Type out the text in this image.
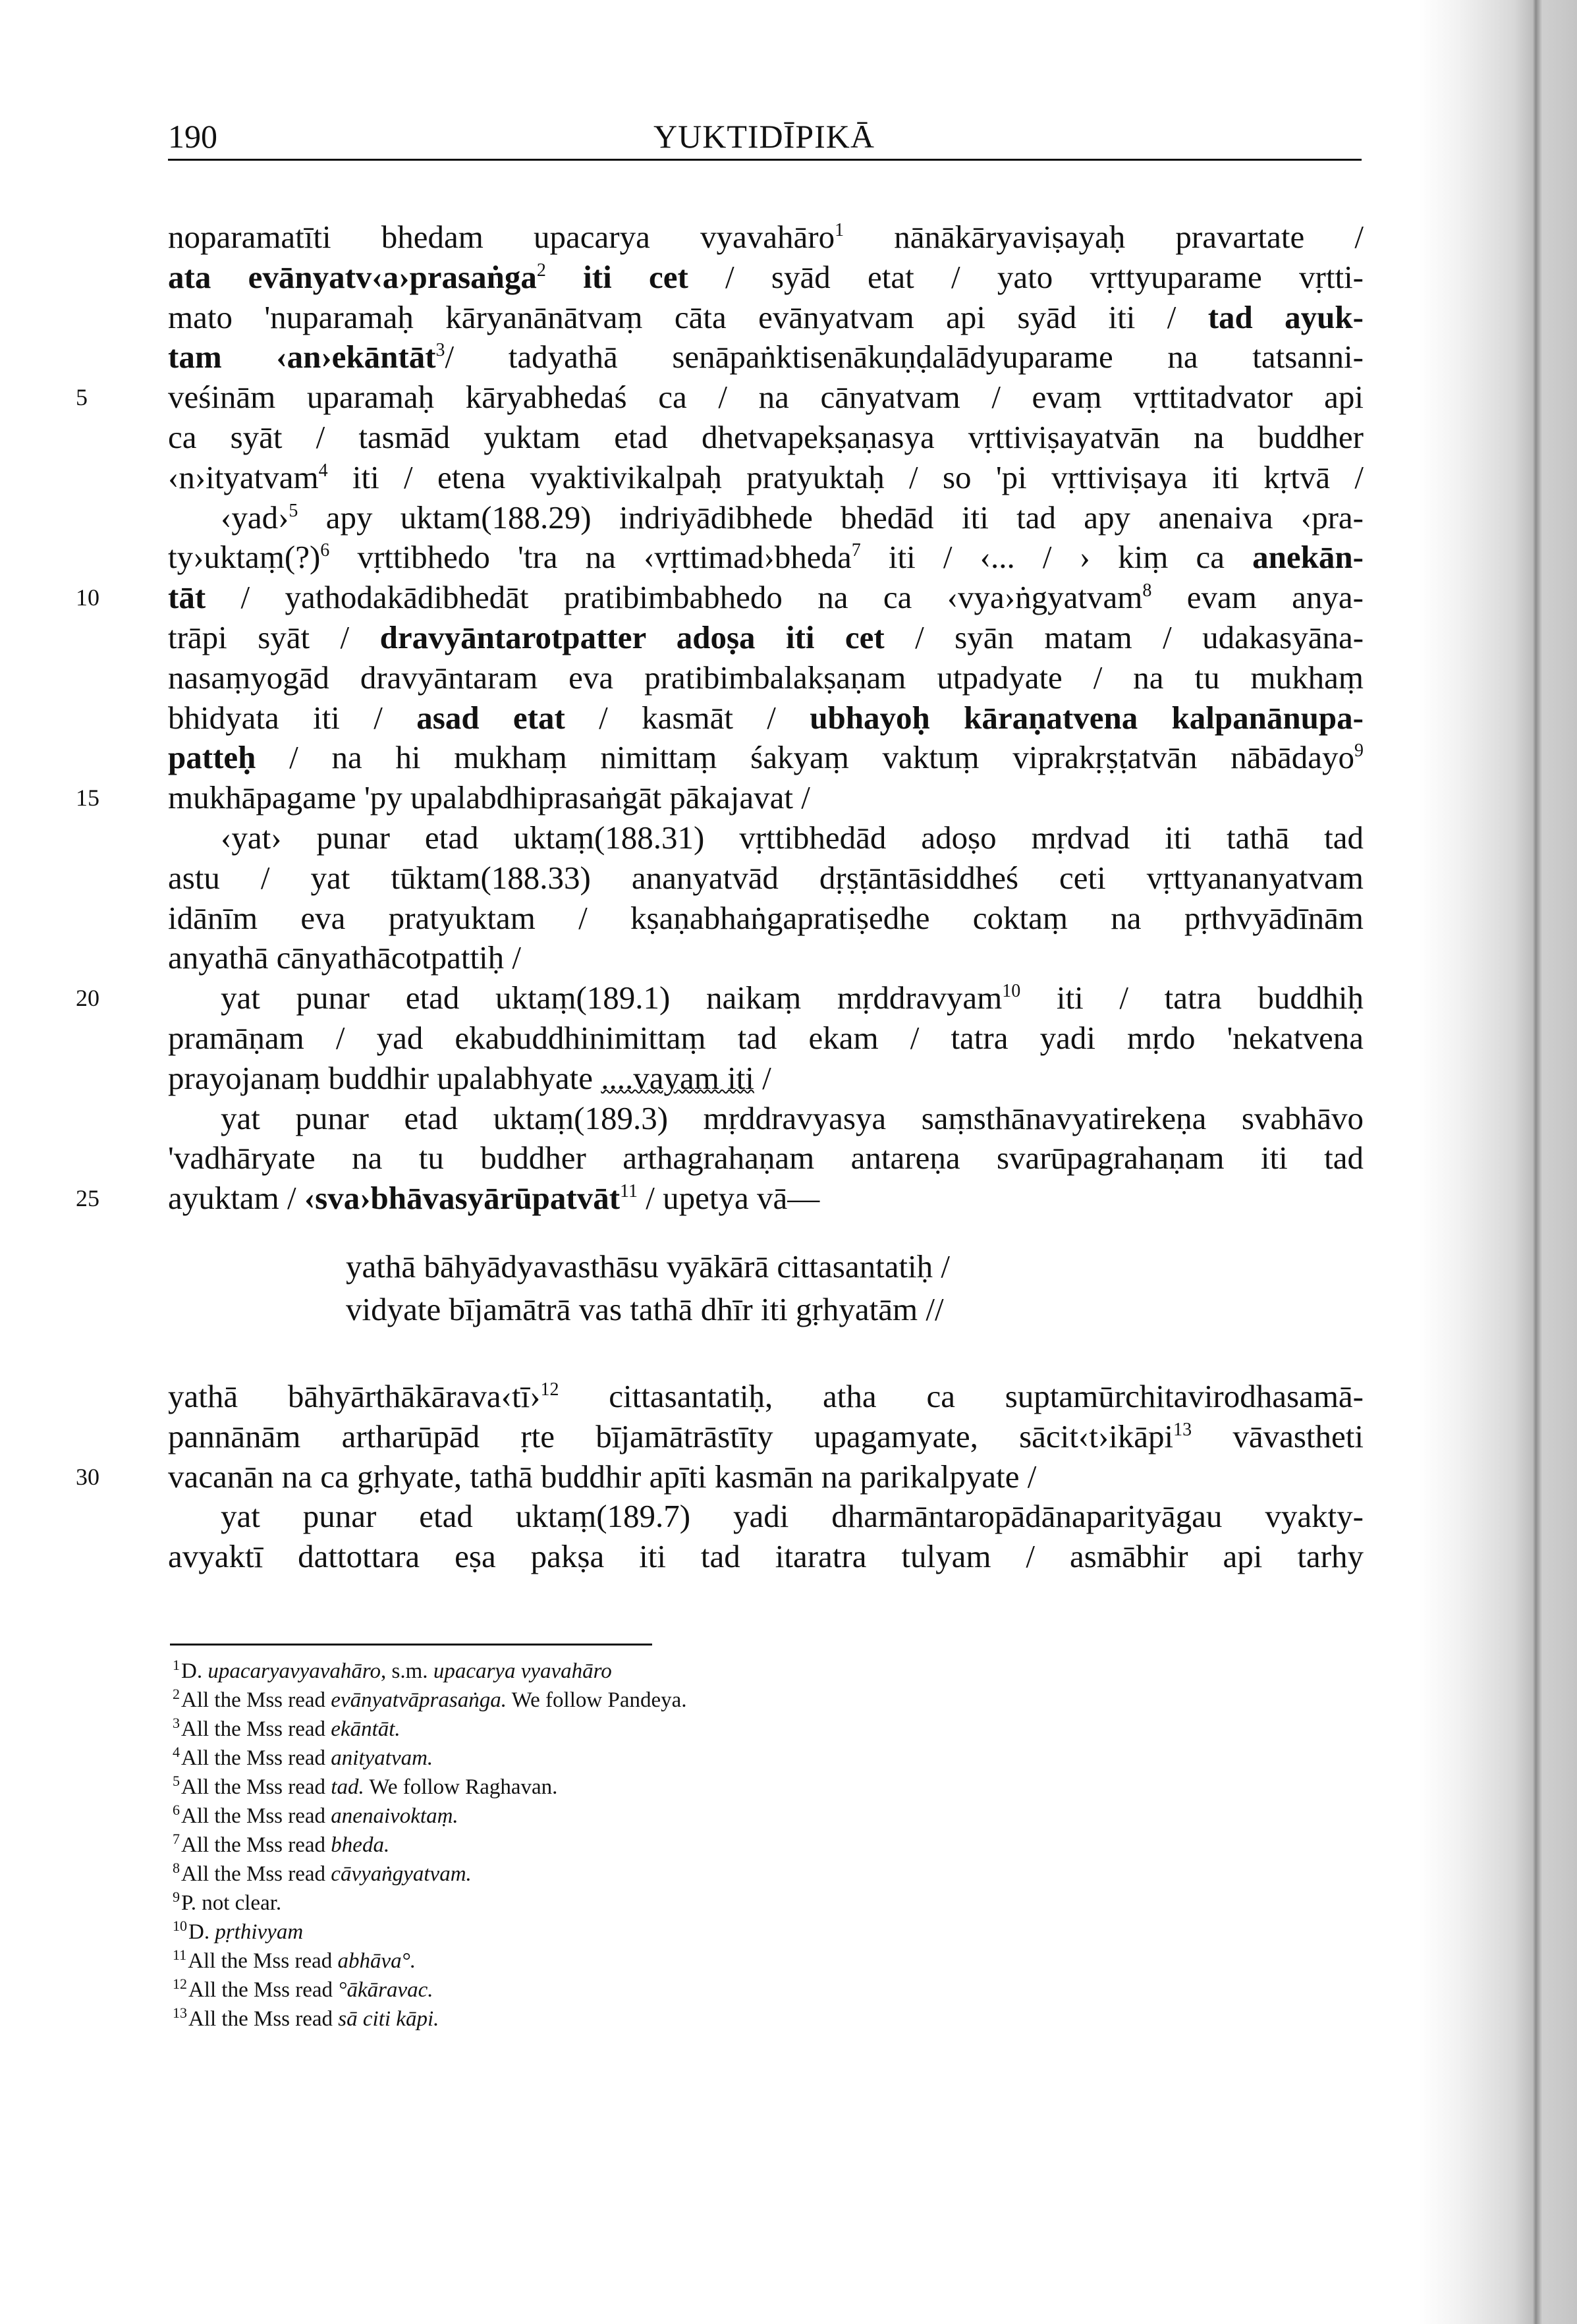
190	YUKTIDĪPIKĀ
noparamatīti bhedam upacarya vyavahāro$^1$ nānākāryaviṣayaḥ pravartate /
ata evānyatv‹a›prasaṅga$^2$ iti cet / syād etat / yato vṛttyuparame vṛtti-
mato 'nuparamaḥ kāryanānātvaṃ cāta evānyatvam api syād iti / tad ayuk-
tam ‹an›ekāntāt$^3$/ tadyathā senāpaṅktisenākuṇḍalādyuparame na tatsanni-
5	veśinām uparamaḥ kāryabhedaś ca / na cānyatvam / evaṃ vṛttitadvator api
ca syāt / tasmād yuktam etad dhetvapekṣaṇasya vṛttiviṣayatvān na buddher
‹n›ityatvam$^4$ iti / etena vyaktivikalpaḥ pratyuktaḥ / so 'pi vṛttiviṣaya iti kṛtvā /
‹yad›$^5$ apy uktam(188.29) indriyādibhede bhedād iti tad apy anenaiva ‹pra-
ty›uktaṃ(?)$^6$ vṛttibhedo 'tra na ‹vṛttimad›bheda$^7$ iti / ‹... / › kiṃ ca anekān-
10	tāt / yathodakādibhedāt pratibimbabhedo na ca ‹vya›ṅgyatvam$^8$ evam anya-
trāpi syāt / dravyāntarotpatter adoṣa iti cet / syān matam / udakasyāna-
nasaṃyogād dravyāntaram eva pratibimbalakṣaṇam utpadyate / na tu mukhaṃ
bhidyata iti / asad etat / kasmāt / ubhayoḥ kāraṇatvena kalpanānupa-
patteḥ / na hi mukhaṃ nimittaṃ śakyaṃ vaktuṃ viprakṛṣṭatvān nābādayo$^9$
15	mukhāpagame 'py upalabdhiprasaṅgāt pākajavat /
‹yat› punar etad uktaṃ(188.31) vṛttibhedād adoṣo mṛdvad iti tathā tad
astu / yat tūktam(188.33) ananyatvād dṛṣṭāntāsiddheś ceti vṛttyananyatvam
idānīm eva pratyuktam / kṣaṇabhaṅgapratiṣedhe coktaṃ na pṛthvyādīnām
anyathā cānyathācotpattiḥ /
20	yat punar etad uktaṃ(189.1) naikaṃ mṛddravyam$^{10}$ iti / tatra buddhiḥ
pramāṇam / yad ekabuddhinimittaṃ tad ekam / tatra yadi mṛdo 'nekatvena
prayojanaṃ buddhir upalabhyate ....vayam iti /
yat punar etad uktaṃ(189.3) mṛddravyasya saṃsthānavyatirekeṇa svabhāvo
'vadhāryate na tu buddher arthagrahaṇam antareṇa svarūpagrahaṇam iti tad
25	ayuktam / ‹sva›bhāvasyārūpatvāt$^{11}$ / upetya vā—
yathā bāhyādyavasthāsu vyākārā cittasantatiḥ /
vidyate bījamātrā vas tathā dhīr iti gṛhyatām //
yathā bāhyārthākārava‹tī›$^{12}$ cittasantatiḥ, atha ca suptamūrchitavirodhasamā-
pannānām artharūpād ṛte bījamātrāstīty upagamyate, sācit‹t›ikāpi$^{13}$ vāvastheti
30	vacanān na ca gṛhyate, tathā buddhir apīti kasmān na parikalpyate /
yat punar etad uktaṃ(189.7) yadi dharmāntaropādānaparityāgau vyakty-
avyaktī dattottara eṣa pakṣa iti tad itaratra tulyam / asmābhir api tarhy
$^1$D. upacaryavyavahāro, s.m. upacarya vyavahāro
$^2$All the Mss read evānyatvāprasaṅga. We follow Pandeya.
$^3$All the Mss read ekāntāt.
$^4$All the Mss read anityatvam.
$^5$All the Mss read tad. We follow Raghavan.
$^6$All the Mss read anenaivoktaṃ.
$^7$All the Mss read bheda.
$^8$All the Mss read cāvyaṅgyatvam.
$^9$P. not clear.
$^{10}$D. pṛthivyam
$^{11}$All the Mss read abhāva°.
$^{12}$All the Mss read °ākāravac.
$^{13}$All the Mss read sā citi kāpi.
